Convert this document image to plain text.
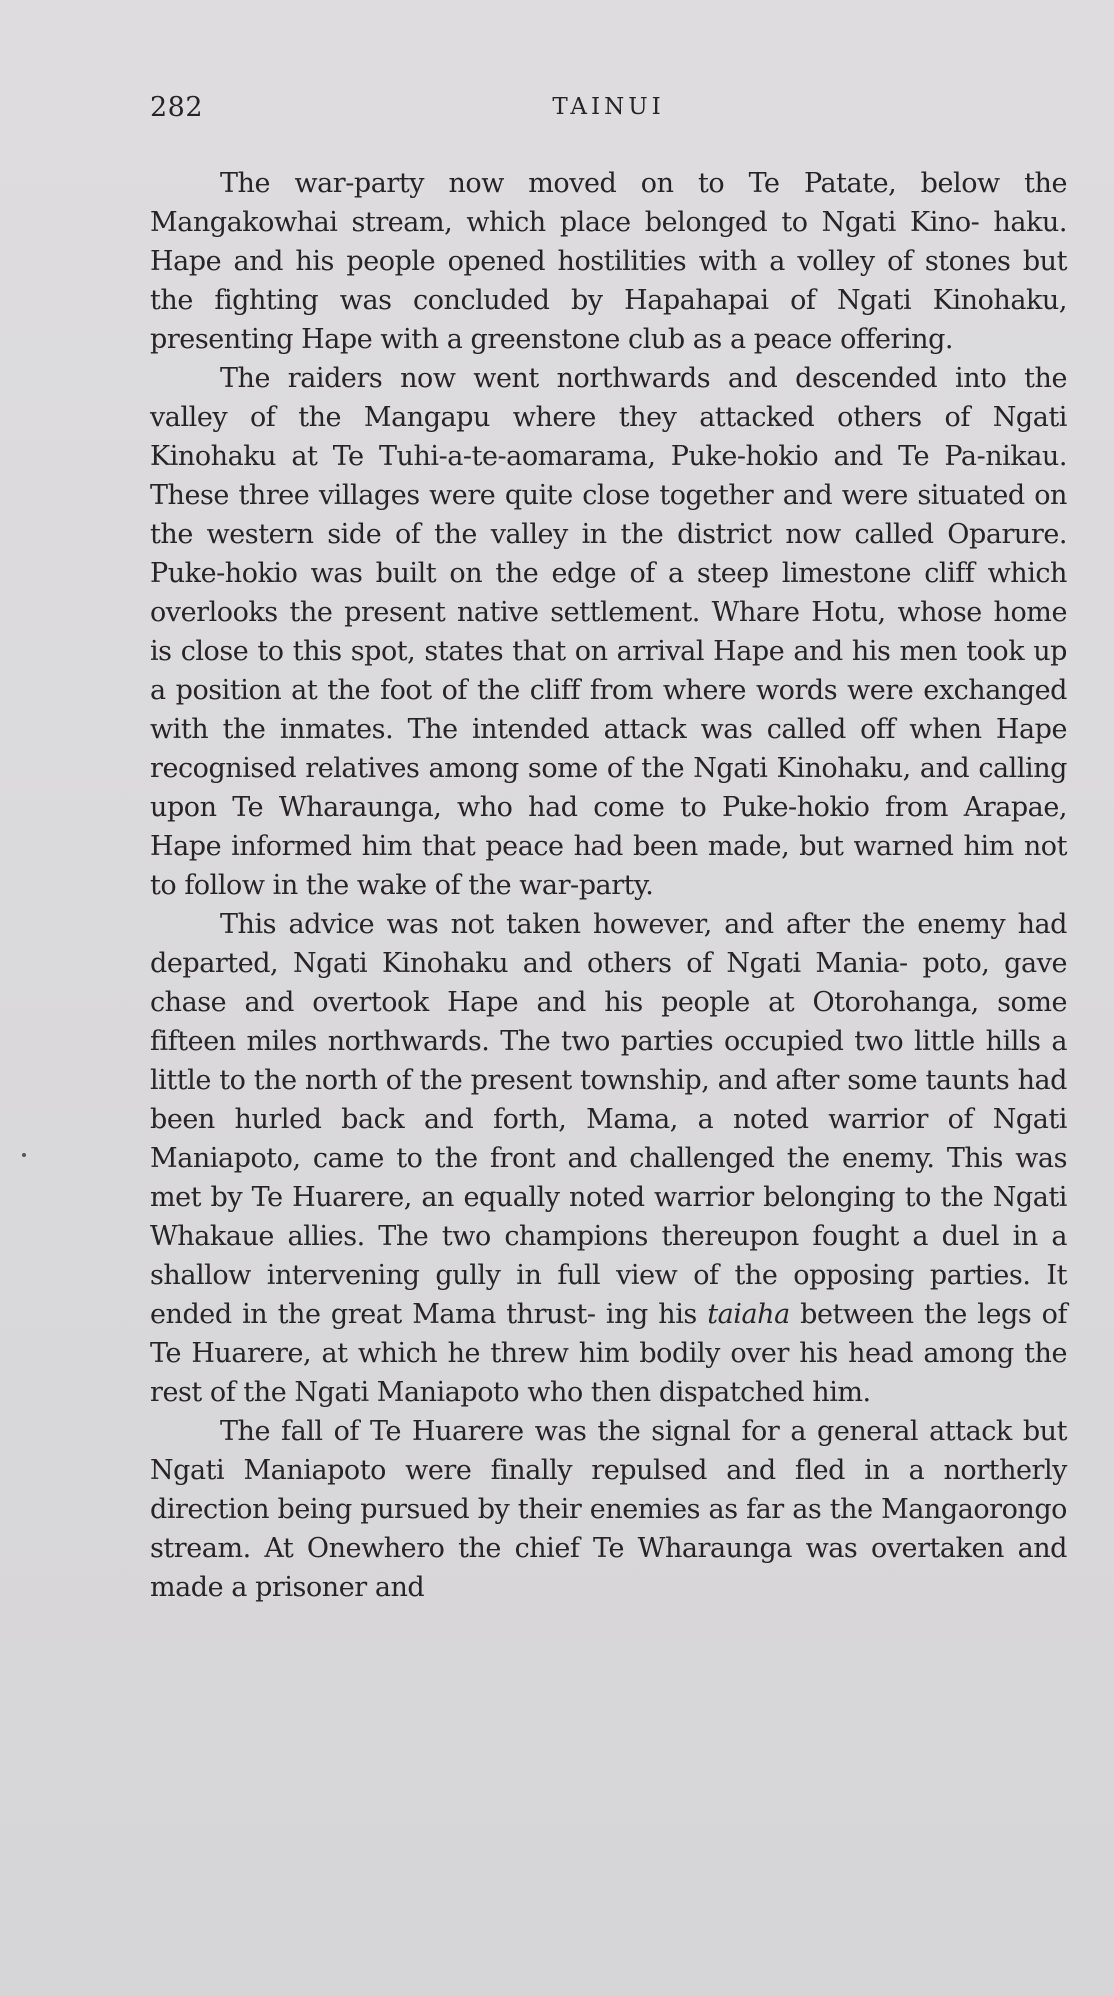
282	TAINUI

The war-party now moved on to Te Patate, below the Mangakowhai stream, which place belonged to Ngati Kino- haku. Hape and his people opened hostilities with a volley of stones but the fighting was concluded by Hapahapai of Ngati Kinohaku, presenting Hape with a greenstone club as a peace offering.

The raiders now went northwards and descended into the valley of the Mangapu where they attacked others of Ngati Kinohaku at Te Tuhi-a-te-aomarama, Puke-hokio and Te Pa-nikau. These three villages were quite close together and were situated on the western side of the valley in the district now called Oparure. Puke-hokio was built on the edge of a steep limestone cliff which overlooks the present native settlement. Whare Hotu, whose home is close to this spot, states that on arrival Hape and his men took up a position at the foot of the cliff from where words were exchanged with the inmates. The intended attack was called off when Hape recognised relatives among some of the Ngati Kinohaku, and calling upon Te Wharaunga, who had come to Puke-hokio from Arapae, Hape informed him that peace had been made, but warned him not to follow in the wake of the war-party.

This advice was not taken however, and after the enemy had departed, Ngati Kinohaku and others of Ngati Mania- poto, gave chase and overtook Hape and his people at Otorohanga, some fifteen miles northwards. The two parties occupied two little hills a little to the north of the present township, and after some taunts had been hurled back and forth, Mama, a noted warrior of Ngati Maniapoto, came to the front and challenged the enemy. This was met by Te Huarere, an equally noted warrior belonging to the Ngati Whakaue allies. The two champions thereupon fought a duel in a shallow intervening gully in full view of the opposing parties. It ended in the great Mama thrust- ing his taiaha between the legs of Te Huarere, at which he threw him bodily over his head among the rest of the Ngati Maniapoto who then dispatched him.

The fall of Te Huarere was the signal for a general attack but Ngati Maniapoto were finally repulsed and fled in a northerly direction being pursued by their enemies as far as the Mangaorongo stream. At Onewhero the chief Te Wharaunga was overtaken and made a prisoner and
